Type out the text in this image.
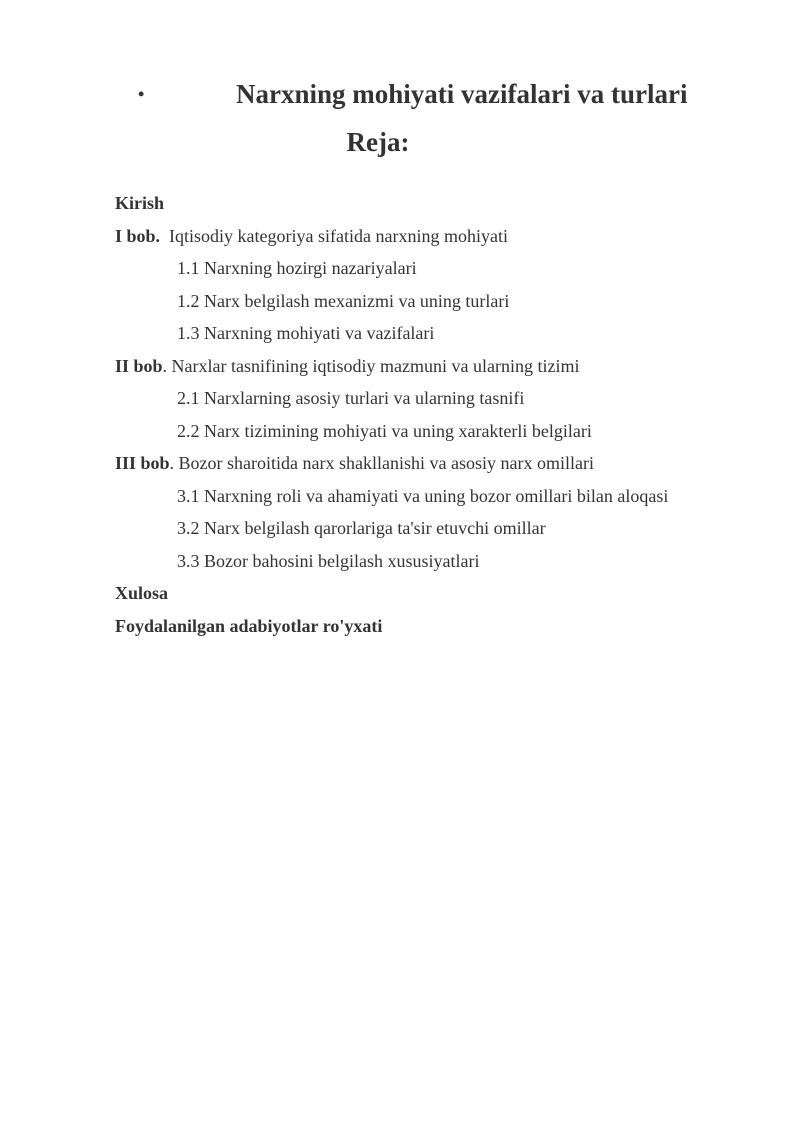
•	Narxning mohiyati vazifalari va turlari
Reja:
Kirish
I bob.  Iqtisodiy kategoriya sifatida narxning mohiyati
1.1 Narxning hozirgi nazariyalari
1.2 Narx belgilash mexanizmi va uning turlari
1.3 Narxning mohiyati va vazifalari
II bob. Narxlar tasnifining iqtisodiy mazmuni va ularning tizimi
2.1 Narxlarning asosiy turlari va ularning tasnifi
2.2 Narx tizimining mohiyati va uning xarakterli belgilari
III bob. Bozor sharoitida narx shakllanishi va asosiy narx omillari
3.1 Narxning roli va ahamiyati va uning bozor omillari bilan aloqasi
3.2 Narx belgilash qarorlariga ta'sir etuvchi omillar
3.3 Bozor bahosini belgilash xususiyatlari
Xulosa
Foydalanilgan adabiyotlar ro'yxati
